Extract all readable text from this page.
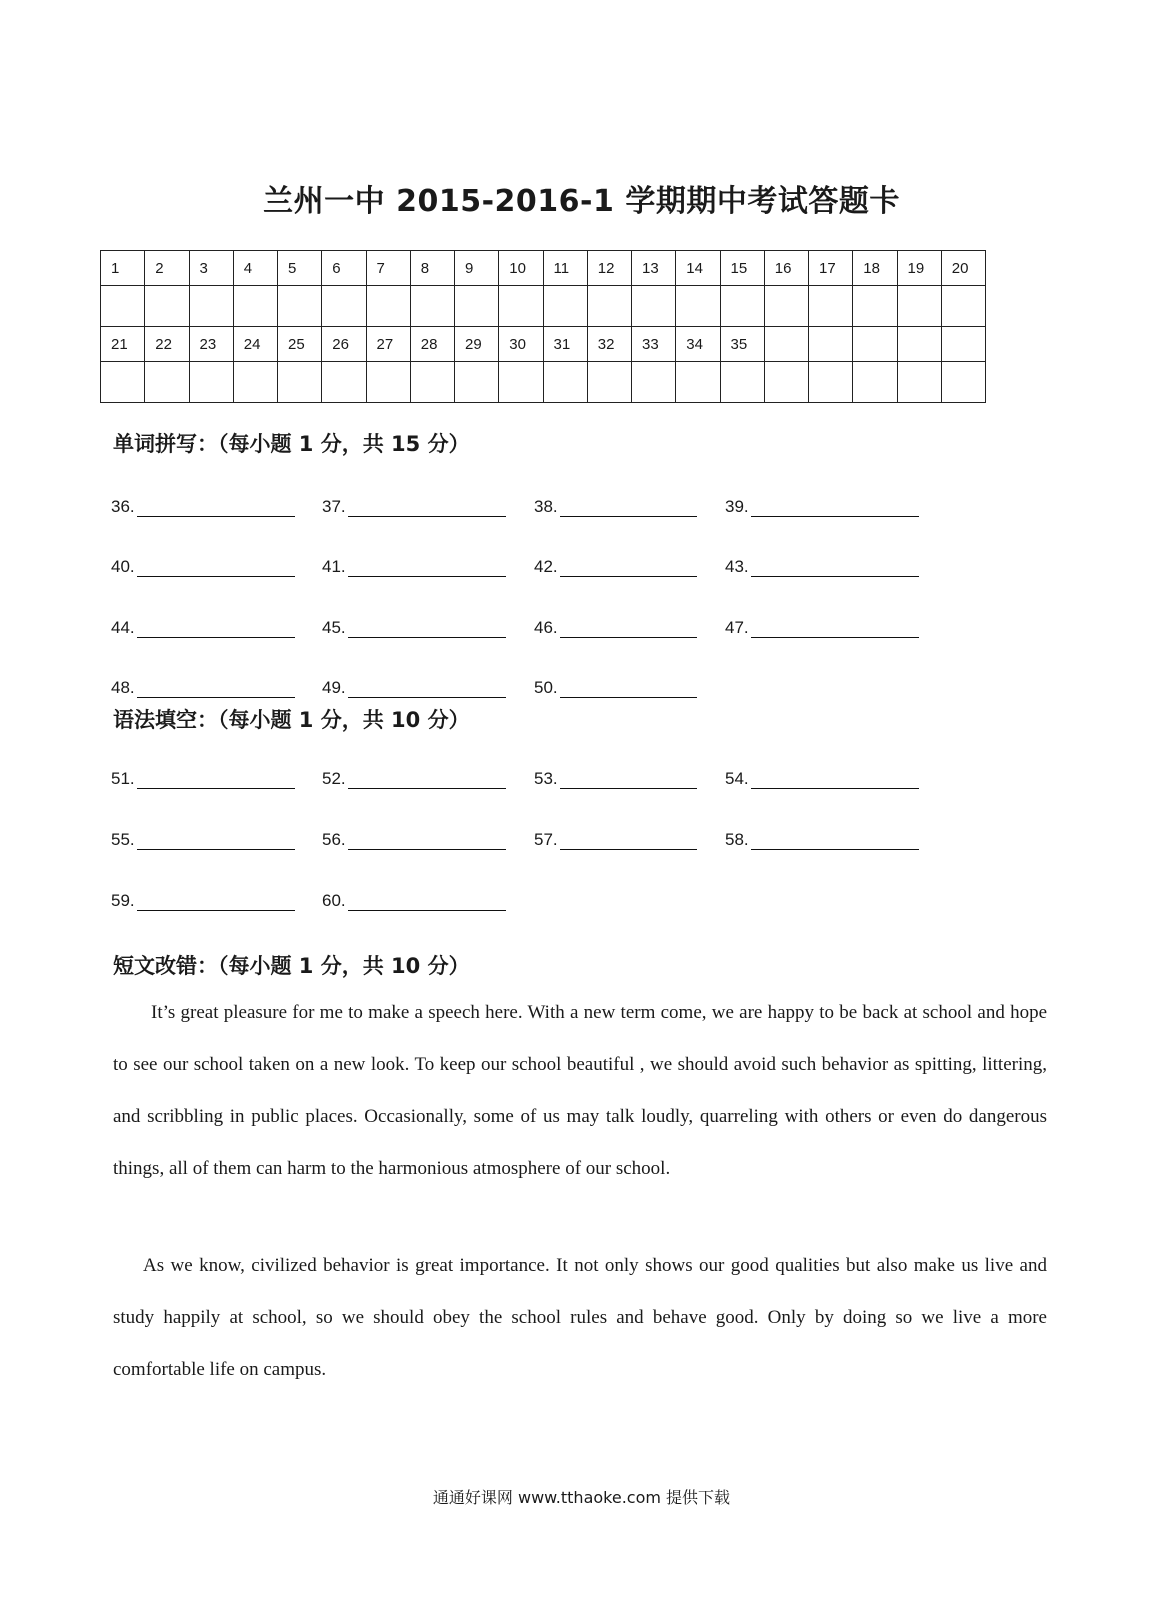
兰州一中 2015-2016-1 学期期中考试答题卡
1	2	3	4	5	6	7	8	9	10	11	12	13	14	15	16	17	18	19	20

21	22	23	24	25	26	27	28	29	30	31	32	33	34	35					

单词拼写：（每小题 1 分，共 15 分）
36.	37.	38.	39.
40.	41.	42.	43.
44.	45.	46.	47.
48.	49.	50.
语法填空：（每小题 1 分，共 10 分）
51.	52.	53.	54.
55.	56.	57.	58.
59.	60.
短文改错：（每小题 1 分，共 10 分）
It’s great pleasure for me to make a speech here. With a new term come, we are happy to be back at school and hope to see our school taken on a new look. To keep our school beautiful , we should avoid such behavior as spitting, littering, and scribbling in public places. Occasionally, some of us may talk loudly, quarreling with others or even do dangerous things, all of them can harm to the harmonious atmosphere of our school.
As we know, civilized behavior is great importance. It not only shows our good qualities but also make us live and study happily at school, so we should obey the school rules and behave good. Only by doing so we live a more comfortable life on campus.
通通好课网 www.tthaoke.com 提供下载
